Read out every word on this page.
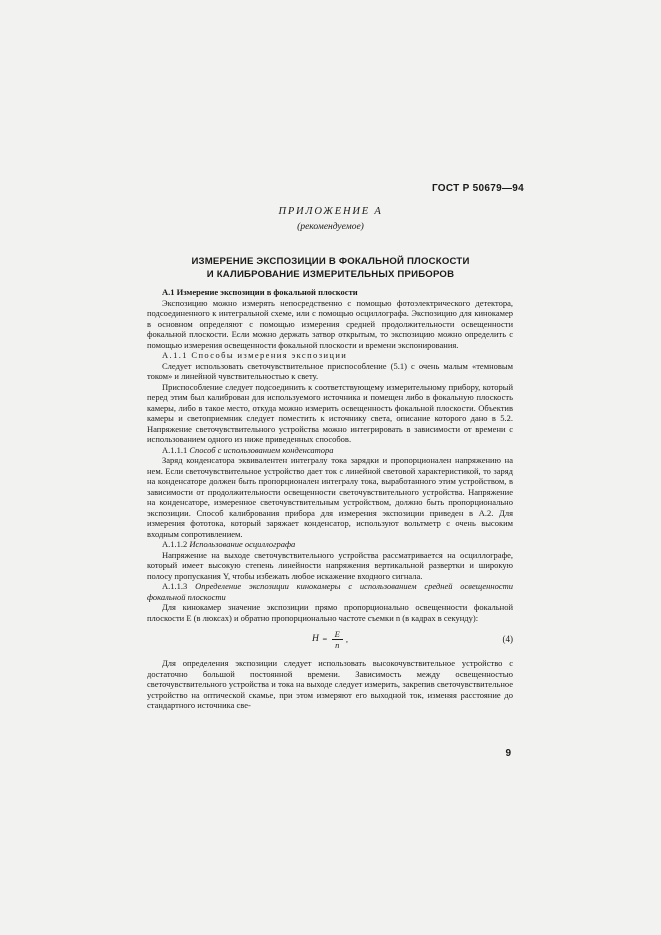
ГОСТ Р 50679—94
ПРИЛОЖЕНИЕ А
(рекомендуемое)
ИЗМЕРЕНИЕ ЭКСПОЗИЦИИ В ФОКАЛЬНОЙ ПЛОСКОСТИ
И КАЛИБРОВАНИЕ ИЗМЕРИТЕЛЬНЫХ ПРИБОРОВ

А.1 Измерение экспозиции в фокальной плоскости

Экспозицию можно измерять непосредственно с помощью фотоэлектрического детектора, подсоединенного к интегральной схеме, или с помощью осциллографа. Экспозицию для кинокамер в основном определяют с помощью измерения средней продолжительности освещенности фокальной плоскости. Если можно держать затвор открытым, то экспозицию можно определить с помощью измерения освещенности фокальной плоскости и времени экспонирования.

А.1.1 Способы измерения экспозиции

Следует использовать светочувствительное приспособление (5.1) с очень малым «темновым током» и линейной чувствительностью к свету.

Приспособление следует подсоединить к соответствующему измерительному прибору, который перед этим был калиброван для используемого источника и помещен либо в фокальную плоскость камеры, либо в такое место, откуда можно измерить освещенность фокальной плоскости. Объектив камеры и светоприемник следует поместить к источнику света, описание которого дано в 5.2. Напряжение светочувствительного устройства можно интегрировать в зависимости от времени с использованием одного из ниже приведенных способов.

А.1.1.1 Способ с использованием конденсатора

Заряд конденсатора эквивалентен интегралу тока зарядки и пропорционален напряжению на нем. Если светочувствительное устройство дает ток с линейной световой характеристикой, то заряд на конденсаторе должен быть пропорционален интегралу тока, выработанного этим устройством, в зависимости от продолжительности освещенности светочувствительного устройства. Напряжение на конденсаторе, измеренное светочувствительным устройством, должно быть пропорционально экспозиции. Способ калибрования прибора для измерения экспозиции приведен в А.2. Для измерения фототока, который заряжает конденсатор, используют вольтметр с очень высоким входным сопротивлением.

А.1.1.2 Использование осциллографа

Напряжение на выходе светочувствительного устройства рассматривается на осциллографе, который имеет высокую степень линейности напряжения вертикальной развертки и широкую полосу пропускания Y, чтобы избежать любое искажение входного сигнала.

А.1.1.3 Определение экспозиции кинокамеры с использованием средней освещенности фокальной плоскости

Для кинокамер значение экспозиции прямо пропорционально освещенности фокальной плоскости E (в люксах) и обратно пропорционально частоте съемки n (в кадрах в секунду):

$H = \frac{E}{n}$ ,	(4)

Для определения экспозиции следует использовать высокочувствительное устройство с достаточно большой постоянной времени. Зависимость между освещенностью светочувствительного устройства и тока на выходе следует измерить, закрепив светочувствительное устройство на оптической скамье, при этом измеряют его выходной ток, изменяя расстояние до стандартного источника све-

9
